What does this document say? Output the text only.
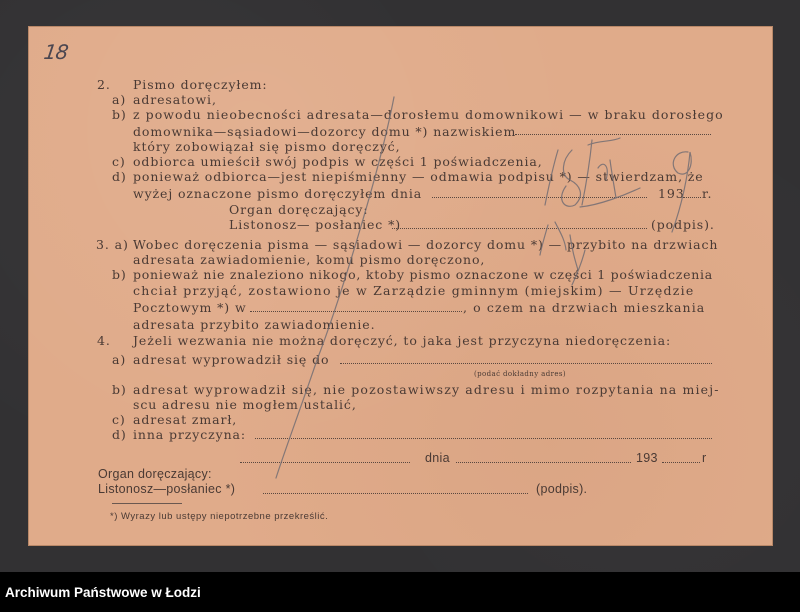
18
2. Pismo doręczyłem:
a) adresatowi,
b) z powodu nieobecności adresata—dorosłemu domownikowi — w braku dorosłego
domownika—sąsiadowi—dozorcy domu *) nazwiskiem
który zobowiązał się pismo doręczyć,
c) odbiorca umieścił swój podpis w części 1 poświadczenia,
d) ponieważ odbiorca—jest niepiśmienny — odmawia podpisu *) — stwierdzam, że
wyżej oznaczone pismo doręczyłem dnia	193 r.
Organ doręczający:
Listonosz— posłaniec *)	(podpis).
3. a) Wobec doręczenia pisma — sąsiadowi — dozorcy domu *) — przybito na drzwiach
adresata zawiadomienie, komu pismo doręczono,
b) ponieważ nie znaleziono nikogo, ktoby pismo oznaczone w części 1 poświadczenia
chciał przyjąć, zostawiono je w Zarządzie gminnym (miejskim) — Urzędzie
Pocztowym *) w	, o czem na drzwiach mieszkania
adresata przybito zawiadomienie.
4. Jeżeli wezwania nie można doręczyć, to jaka jest przyczyna niedoręczenia:
a) adresat wyprowadził się do
(podać dokładny adres)
b) adresat wyprowadził się, nie pozostawiwszy adresu i mimo rozpytania na miej-
scu adresu nie mogłem ustalić,
c) adresat zmarł,
d) inna przyczyna:
dnia	193	r
Organ doręczający:
Listonosz—posłaniec *)	(podpis).
*) Wyrazy lub ustępy niepotrzebne przekreślić.
Archiwum Państwowe w Łodzi
